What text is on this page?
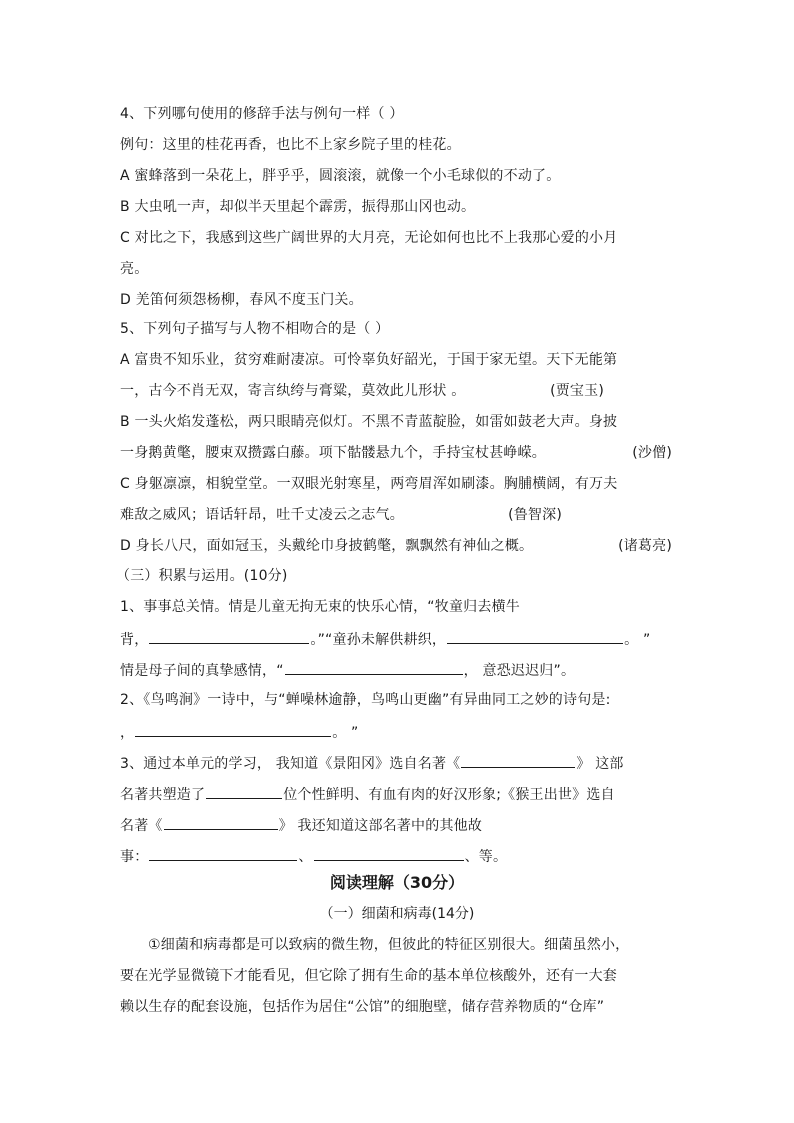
4、下列哪句使用的修辞手法与例句一样（ ）
例句：这里的桂花再香，也比不上家乡院子里的桂花。
A 蜜蜂落到一朵花上，胖乎乎，圆滚滚，就像一个小毛球似的不动了。
B 大虫吼一声，却似半天里起个霹雳，振得那山冈也动。
C 对比之下，我感到这些广阔世界的大月亮，无论如何也比不上我那心爱的小月
亮。
D 羌笛何须怨杨柳，春风不度玉门关。
5、下列句子描写与人物不相吻合的是（ ）
A 富贵不知乐业，贫穷难耐凄凉。可怜辜负好韶光，于国于家无望。天下无能第
一，古今不肖无双，寄言纨绔与膏粱，莫效此儿形状 。	(贾宝玉)
B 一头火焰发蓬松，两只眼睛亮似灯。不黑不青蓝靛脸，如雷如鼓老大声。身披
一身鹅黄氅，腰束双攒露白藤。项下骷髅悬九个，手持宝杖甚峥嵘。	(沙僧)
C 身躯凛凛，相貌堂堂。一双眼光射寒星，两弯眉浑如刷漆。胸脯横阔，有万夫
难敌之威风；语话轩昂，吐千丈凌云之志气。	(鲁智深)
D 身长八尺，面如冠玉，头戴纶巾身披鹤氅，飘飘然有神仙之概。	(诸葛亮)
（三）积累与运用。(10分)
1、事事总关情。情是儿童无拘无束的快乐心情，“牧童归去横牛
背，	。”“童孙未解供耕织，	。 ”
情是母子间的真挚感情，“	， 意恐迟迟归”。
2、《鸟鸣涧》一诗中，与“蝉噪林逾静，鸟鸣山更幽”有异曲同工之妙的诗句是:
，	。 ”
3、通过本单元的学习， 我知道《景阳冈》选自名著《	》 这部
名著共塑造了	位个性鲜明、有血有肉的好汉形象;《猴王出世》选自
名著《	》 我还知道这部名著中的其他故
事：	、	、等。
阅读理解（30分）
（一）细菌和病毒(14分)
①细菌和病毒都是可以致病的微生物，但彼此的特征区别很大。细菌虽然小，
要在光学显微镜下才能看见，但它除了拥有生命的基本单位核酸外，还有一大套
赖以生存的配套设施，包括作为居住“公馆”的细胞壁，储存营养物质的“仓库”
